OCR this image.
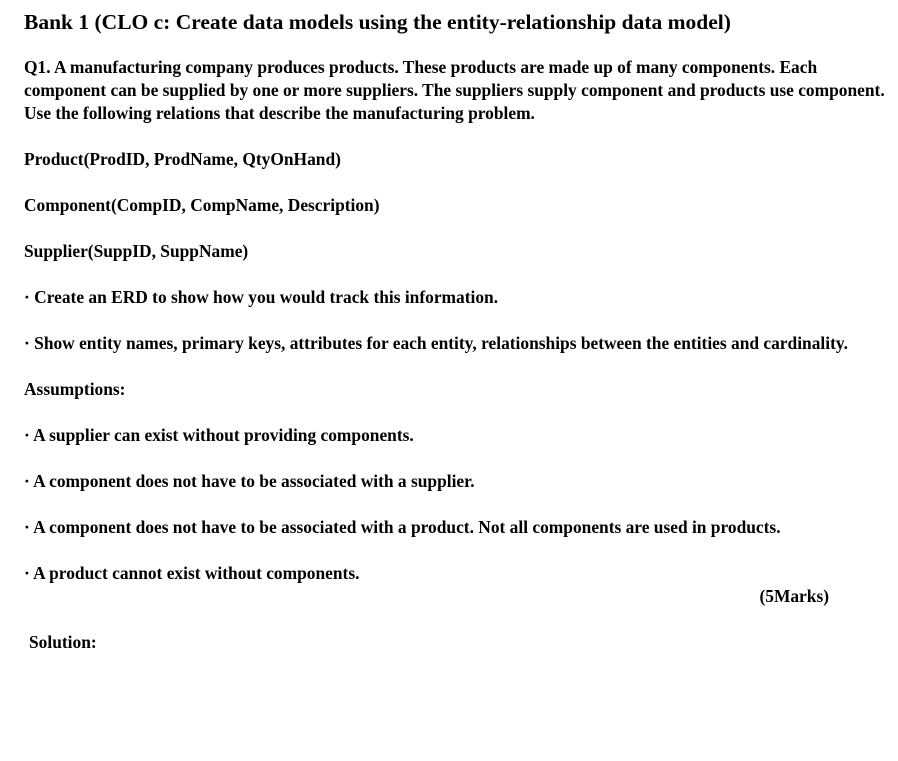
Bank 1 (CLO c: Create data models using the entity-relationship data model)

Q1. A manufacturing company produces products. These products are made up of many components. Each component can be supplied by one or more suppliers. The suppliers supply component and products use component. Use the following relations that describe the manufacturing problem.

Product(ProdID, ProdName, QtyOnHand)

Component(CompID, CompName, Description)

Supplier(SuppID, SuppName)

· Create an ERD to show how you would track this information.

· Show entity names, primary keys, attributes for each entity, relationships between the entities and cardinality.

Assumptions:

· A supplier can exist without providing components.

· A component does not have to be associated with a supplier.

· A component does not have to be associated with a product. Not all components are used in products.

· A product cannot exist without components.

(5Marks)
Solution:
